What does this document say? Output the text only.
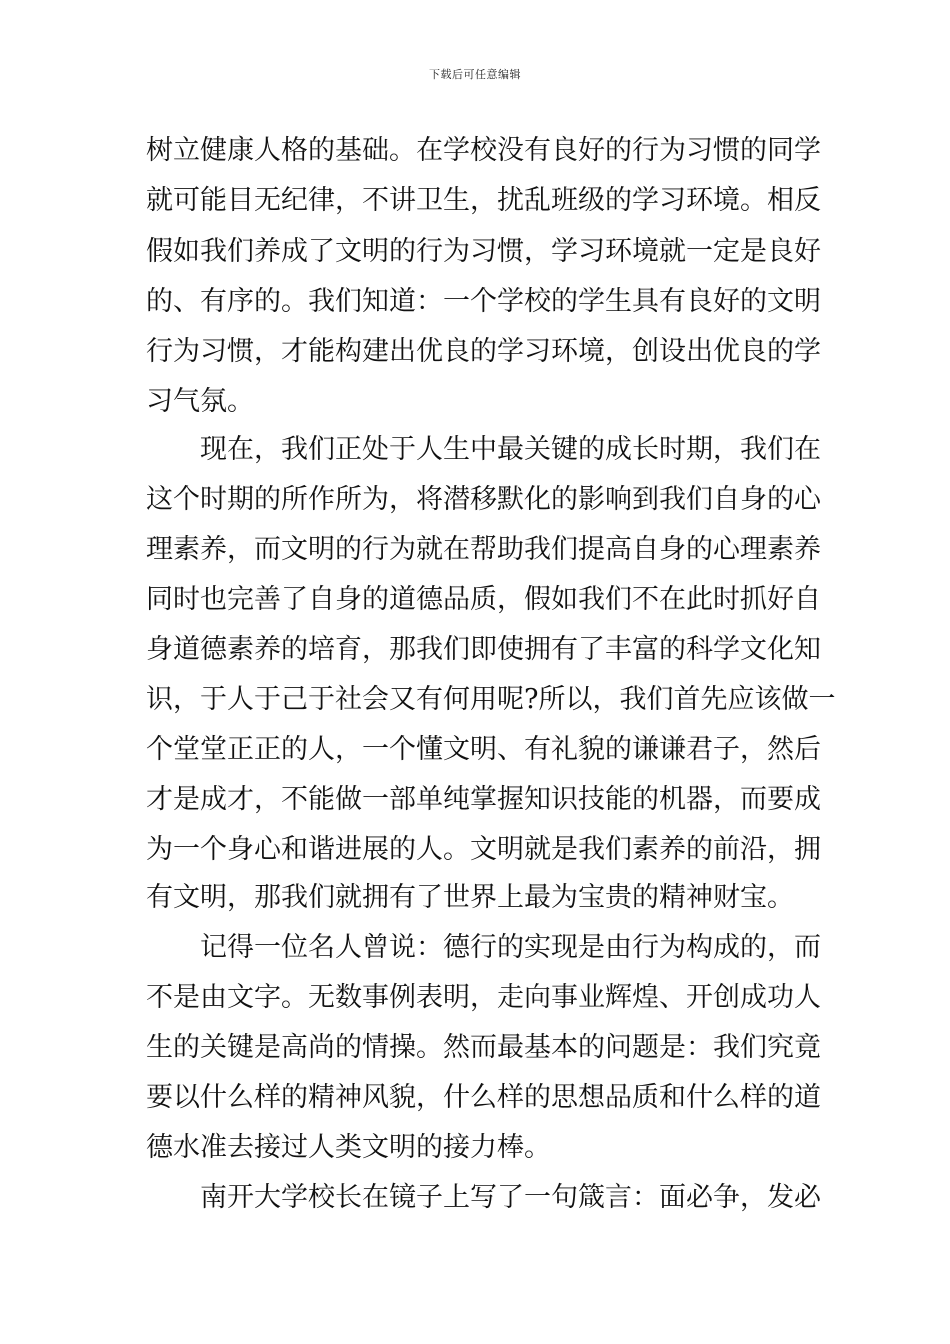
下载后可任意编辑
树立健康人格的基础。在学校没有良好的行为习惯的同学
就可能目无纪律，不讲卫生，扰乱班级的学习环境。相反
假如我们养成了文明的行为习惯，学习环境就一定是良好
的、有序的。我们知道：一个学校的学生具有良好的文明
行为习惯，才能构建出优良的学习环境，创设出优良的学
习气氛。
现在，我们正处于人生中最关键的成长时期，我们在
这个时期的所作所为，将潜移默化的影响到我们自身的心
理素养，而文明的行为就在帮助我们提高自身的心理素养
同时也完善了自身的道德品质，假如我们不在此时抓好自
身道德素养的培育，那我们即使拥有了丰富的科学文化知
识，于人于己于社会又有何用呢?所以，我们首先应该做一
个堂堂正正的人，一个懂文明、有礼貌的谦谦君子，然后
才是成才，不能做一部单纯掌握知识技能的机器，而要成
为一个身心和谐进展的人。文明就是我们素养的前沿，拥
有文明，那我们就拥有了世界上最为宝贵的精神财宝。
记得一位名人曾说：德行的实现是由行为构成的，而
不是由文字。无数事例表明，走向事业辉煌、开创成功人
生的关键是高尚的情操。然而最基本的问题是：我们究竟
要以什么样的精神风貌，什么样的思想品质和什么样的道
德水准去接过人类文明的接力棒。
南开大学校长在镜子上写了一句箴言：面必争，发必
